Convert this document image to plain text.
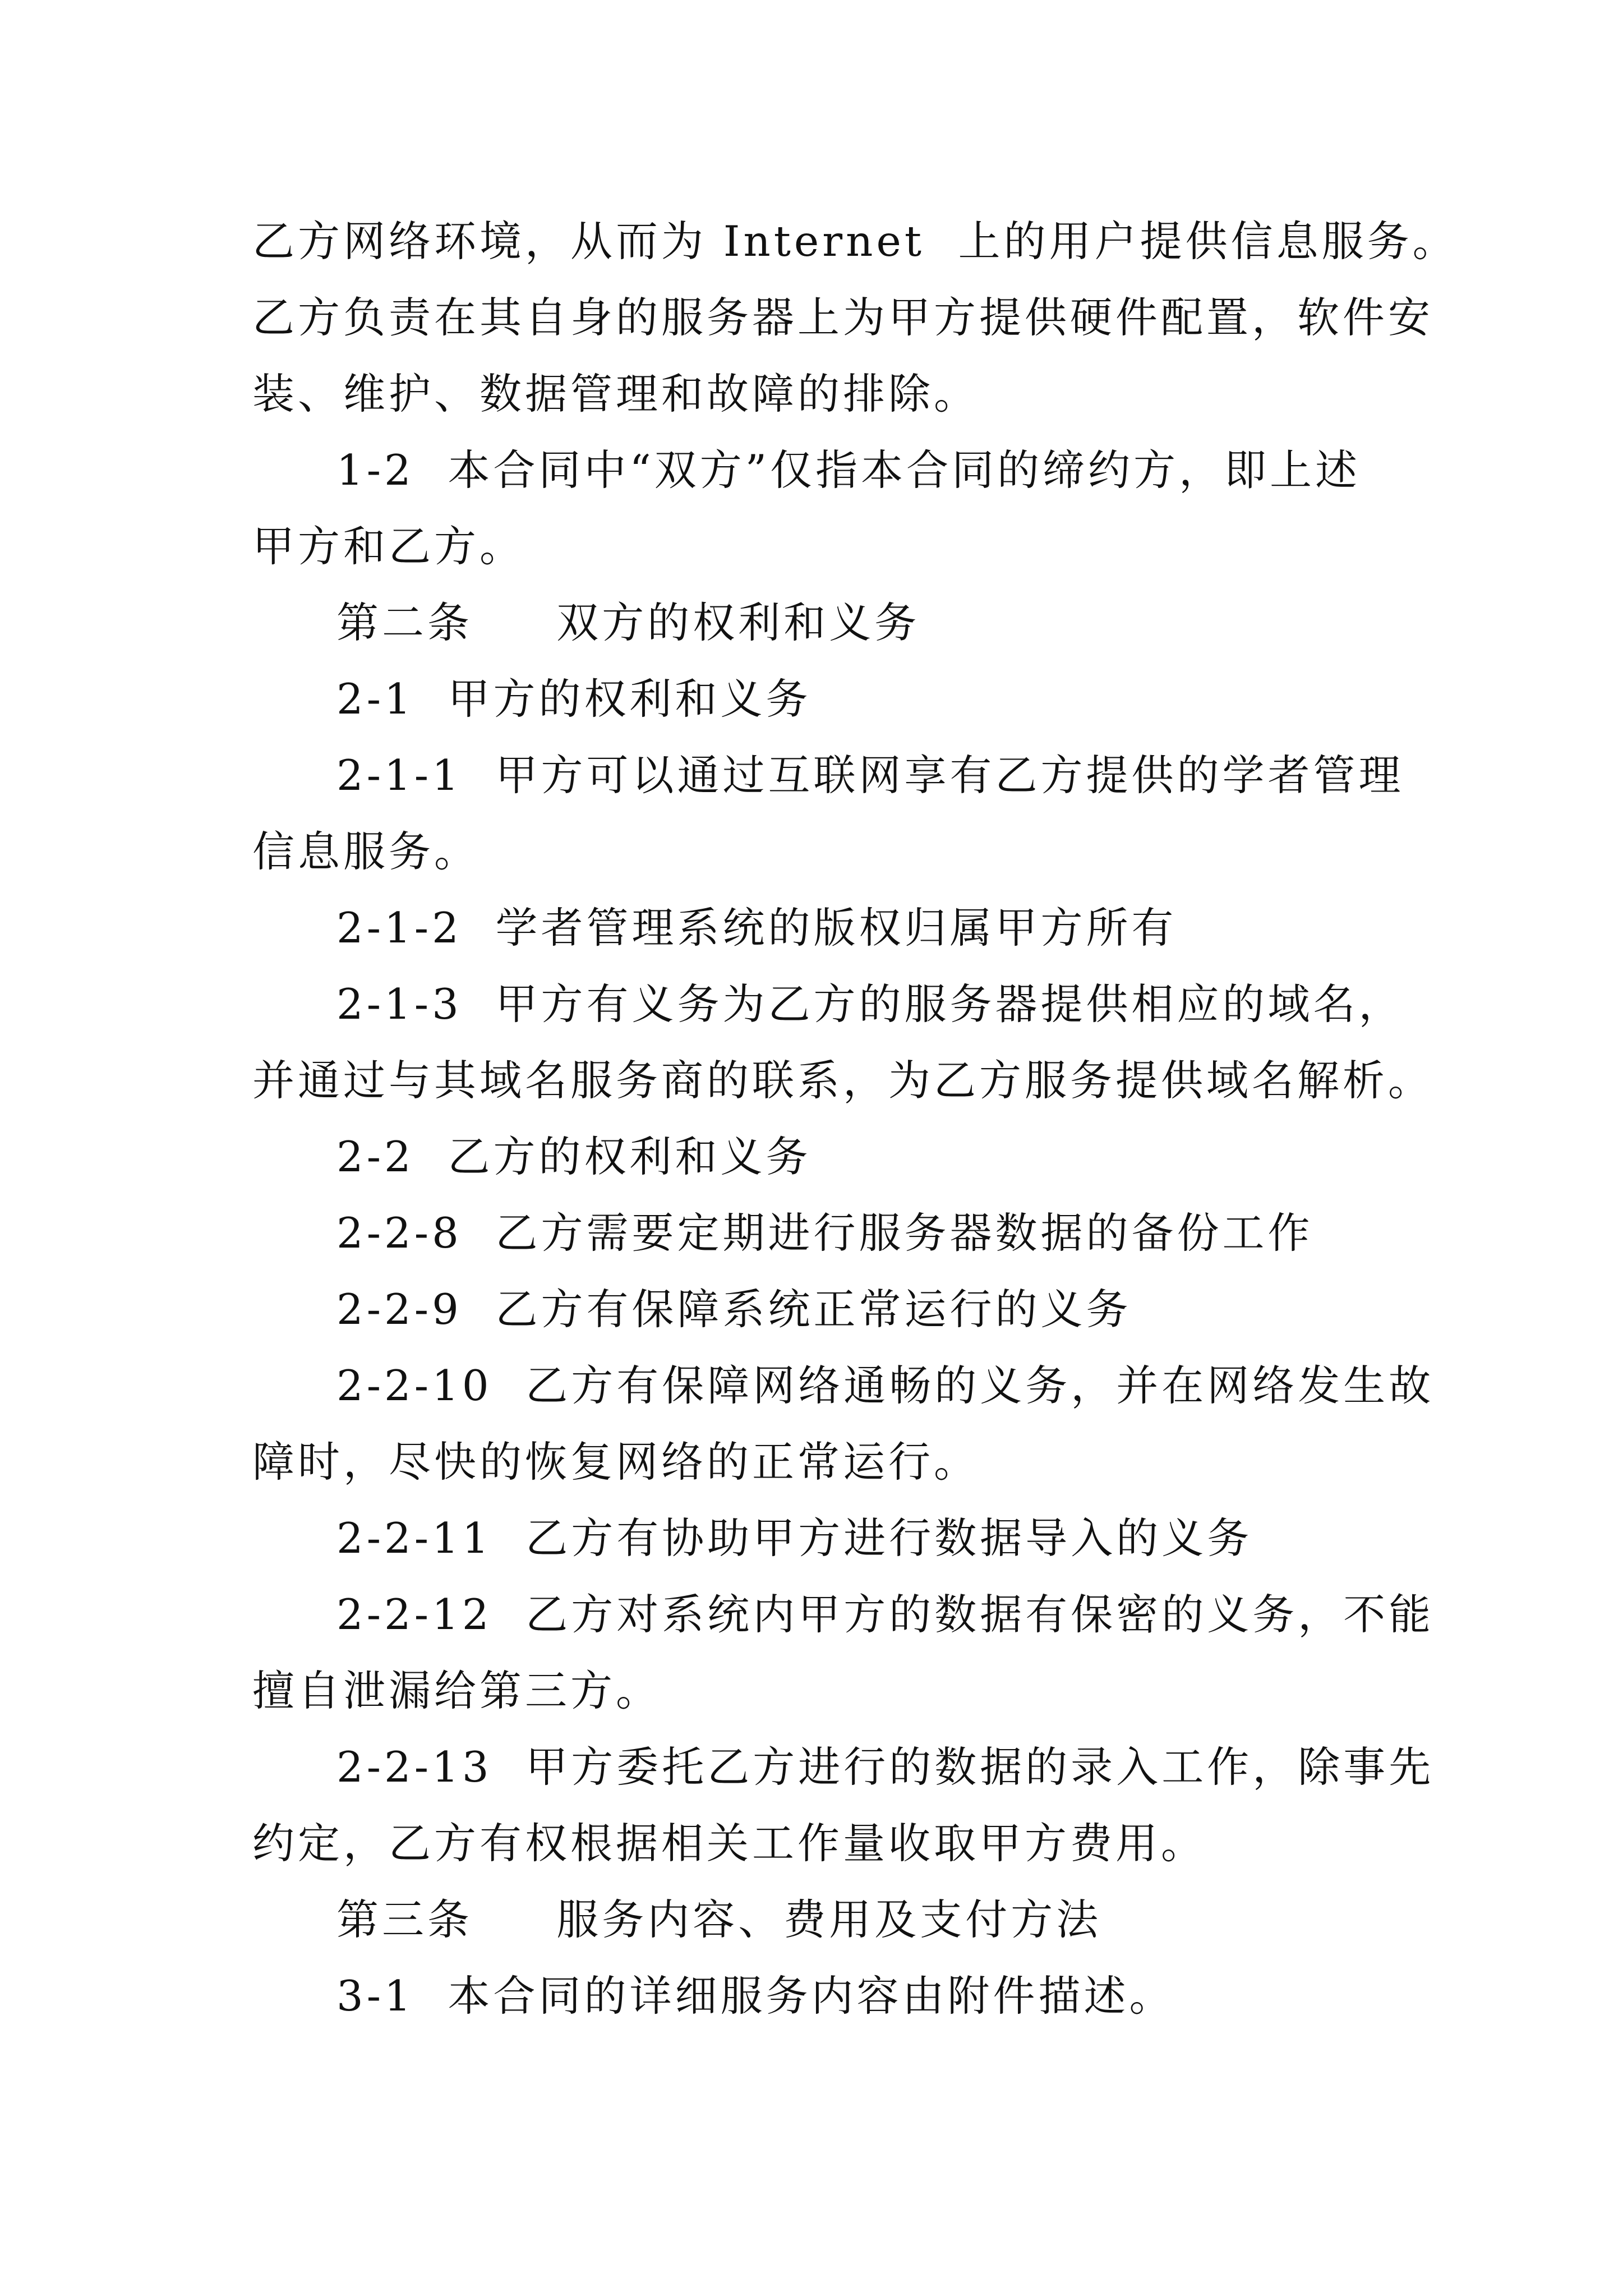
乙方网络环境，从而为 Internet  上的用户提供信息服务。
乙方负责在其自身的服务器上为甲方提供硬件配置，软件安
装、维护、数据管理和故障的排除。
1-2  本合同中“双方”仅指本合同的缔约方，即上述
甲方和乙方。
第二条     双方的权利和义务
2-1  甲方的权利和义务
2-1-1  甲方可以通过互联网享有乙方提供的学者管理
信息服务。
2-1-2  学者管理系统的版权归属甲方所有
2-1-3  甲方有义务为乙方的服务器提供相应的域名，
并通过与其域名服务商的联系，为乙方服务提供域名解析。
2-2  乙方的权利和义务
2-2-8  乙方需要定期进行服务器数据的备份工作
2-2-9  乙方有保障系统正常运行的义务
2-2-10  乙方有保障网络通畅的义务，并在网络发生故
障时，尽快的恢复网络的正常运行。
2-2-11  乙方有协助甲方进行数据导入的义务
2-2-12  乙方对系统内甲方的数据有保密的义务，不能
擅自泄漏给第三方。
2-2-13  甲方委托乙方进行的数据的录入工作，除事先
约定，乙方有权根据相关工作量收取甲方费用。
第三条     服务内容、费用及支付方法
3-1  本合同的详细服务内容由附件描述。
